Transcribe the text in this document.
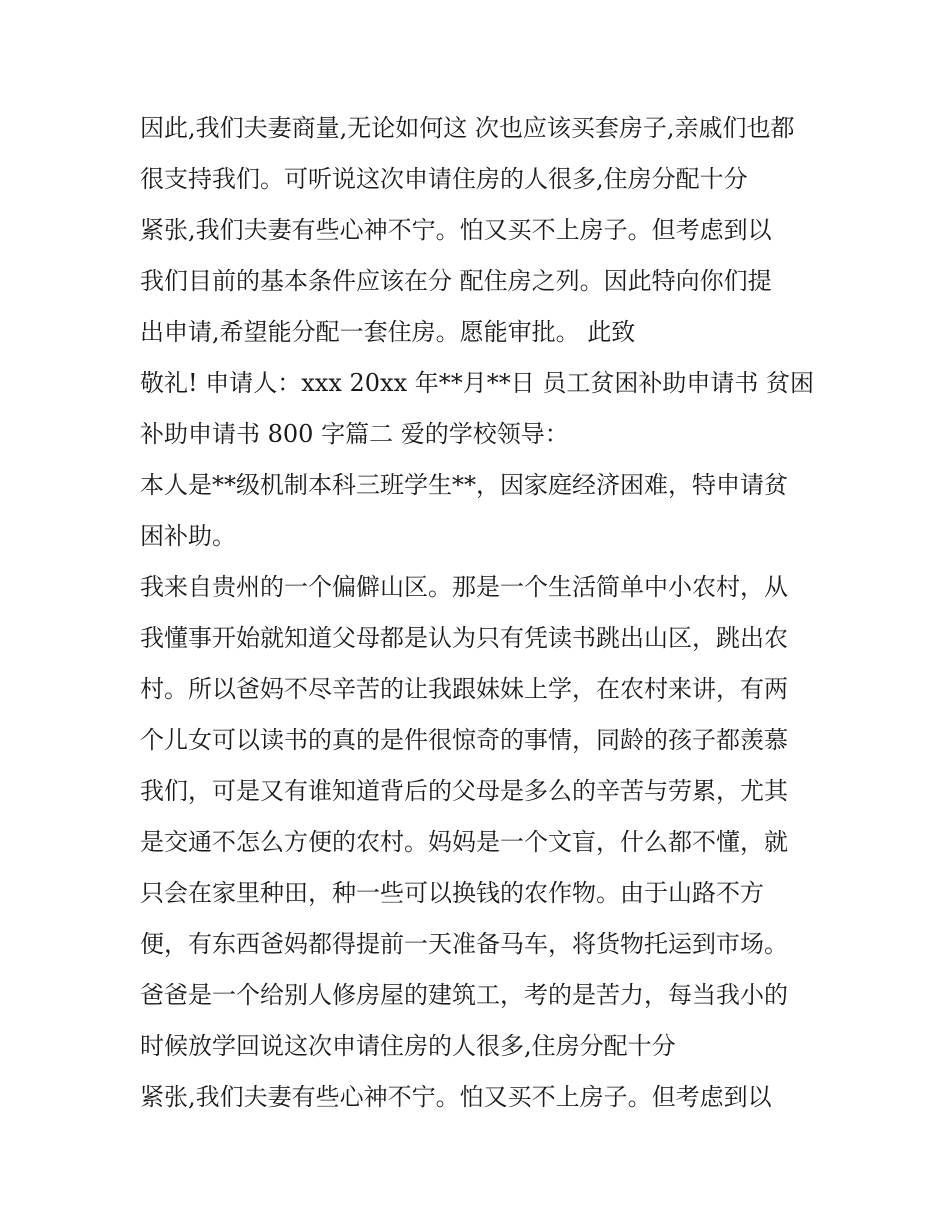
因此,我们夫妻商量,无论如何这 次也应该买套房子,亲戚们也都

很支持我们。可听说这次申请住房的人很多,住房分配十分

紧张,我们夫妻有些心神不宁。怕又买不上房子。但考虑到以

我们目前的基本条件应该在分 配住房之列。因此特向你们提

出申请,希望能分配一套住房。愿能审批。 此致

敬礼! 申请人：xxx 20xx 年**月**日 员工贫困补助申请书 贫困

补助申请书 800 字篇二 爱的学校领导：

本人是**级机制本科三班学生**，因家庭经济困难，特申请贫

困补助。

我来自贵州的一个偏僻山区。那是一个生活简单中小农村，从

我懂事开始就知道父母都是认为只有凭读书跳出山区，跳出农

村。所以爸妈不尽辛苦的让我跟妹妹上学，在农村来讲，有两

个儿女可以读书的真的是件很惊奇的事情，同龄的孩子都羡慕

我们，可是又有谁知道背后的父母是多么的辛苦与劳累，尤其

是交通不怎么方便的农村。妈妈是一个文盲，什么都不懂，就

只会在家里种田，种一些可以换钱的农作物。由于山路不方

便，有东西爸妈都得提前一天准备马车，将货物托运到市场。

爸爸是一个给别人修房屋的建筑工，考的是苦力，每当我小的

时候放学回说这次申请住房的人很多,住房分配十分

紧张,我们夫妻有些心神不宁。怕又买不上房子。但考虑到以
